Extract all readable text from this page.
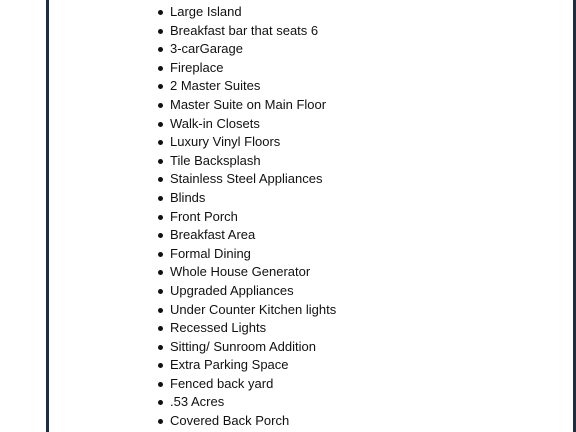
Large Island
Breakfast bar that seats 6
3-carGarage
Fireplace
2 Master Suites
Master Suite on Main Floor
Walk-in Closets
Luxury Vinyl Floors
Tile Backsplash
Stainless Steel Appliances
Blinds
Front Porch
Breakfast Area
Formal Dining
Whole House Generator
Upgraded Appliances
Under Counter Kitchen lights
Recessed Lights
Sitting/ Sunroom Addition
Extra Parking Space
Fenced back yard
.53 Acres
Covered Back Porch
